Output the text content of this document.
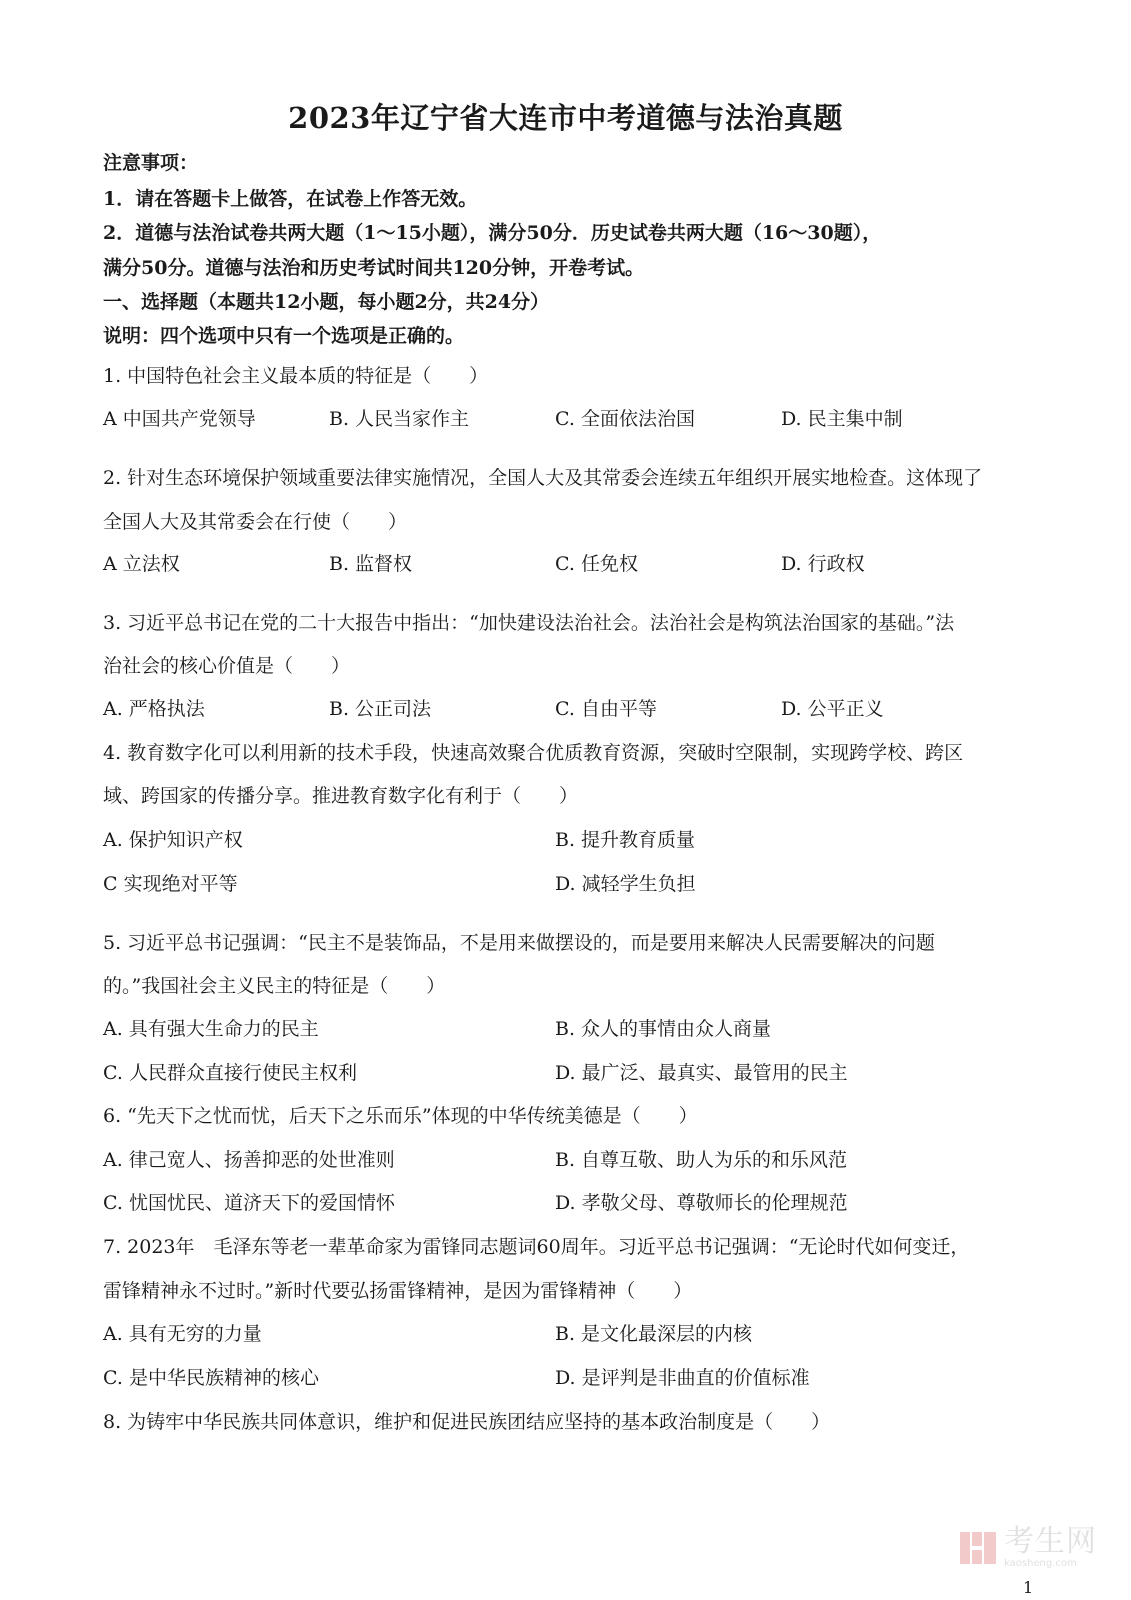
2023年辽宁省大连市中考道德与法治真题
注意事项：
1．请在答题卡上做答，在试卷上作答无效。
2．道德与法治试卷共两大题（1～15小题），满分50分．历史试卷共两大题（16～30题），
满分50分。道德与法治和历史考试时间共120分钟，开卷考试。
一、选择题（本题共12小题，每小题2分，共24分）
说明：四个选项中只有一个选项是正确的。
1. 中国特色社会主义最本质的特征是（　　）
A 中国共产党领导	B. 人民当家作主	C. 全面依法治国	D. 民主集中制
2. 针对生态环境保护领域重要法律实施情况，全国人大及其常委会连续五年组织开展实地检查。这体现了
全国人大及其常委会在行使（　　）
A 立法权	B. 监督权	C. 任免权	D. 行政权
3. 习近平总书记在党的二十大报告中指出：“加快建设法治社会。法治社会是构筑法治国家的基础。”法
治社会的核心价值是（　　）
A. 严格执法	B. 公正司法	C. 自由平等	D. 公平正义
4. 教育数字化可以利用新的技术手段，快速高效聚合优质教育资源，突破时空限制，实现跨学校、跨区
域、跨国家的传播分享。推进教育数字化有利于（　　）
A. 保护知识产权	B. 提升教育质量
C 实现绝对平等	D. 减轻学生负担
5. 习近平总书记强调：“民主不是装饰品，不是用来做摆设的，而是要用来解决人民需要解决的问题
的。”我国社会主义民主的特征是（　　）
A. 具有强大生命力的民主	B. 众人的事情由众人商量
C. 人民群众直接行使民主权利	D. 最广泛、最真实、最管用的民主
6. “先天下之忧而忧，后天下之乐而乐”体现的中华传统美德是（　　）
A. 律己宽人、扬善抑恶的处世准则	B. 自尊互敬、助人为乐的和乐风范
C. 忧国忧民、道济天下的爱国情怀	D. 孝敬父母、尊敬师长的伦理规范
7. 2023年　毛泽东等老一辈革命家为雷锋同志题词60周年。习近平总书记强调：“无论时代如何变迁，
雷锋精神永不过时。”新时代要弘扬雷锋精神，是因为雷锋精神（　　）
A. 具有无穷的力量	B. 是文化最深层的内核
C. 是中华民族精神的核心	D. 是评判是非曲直的价值标准
8. 为铸牢中华民族共同体意识，维护和促进民族团结应坚持的基本政治制度是（　　）
考生网
kaosheng.com
1
